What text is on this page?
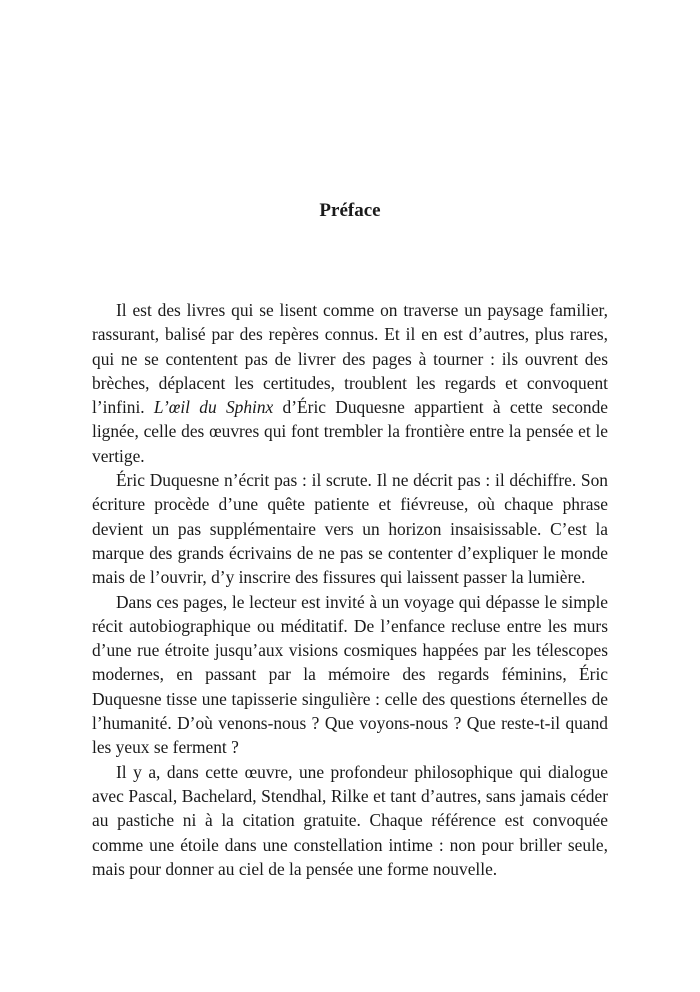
Préface

Il est des livres qui se lisent comme on traverse un paysage familier, rassurant, balisé par des repères connus. Et il en est d’autres, plus rares, qui ne se contentent pas de livrer des pages à tourner : ils ouvrent des brèches, déplacent les certitudes, troublent les regards et convoquent l’infini. L’œil du Sphinx d’Éric Duquesne appartient à cette seconde lignée, celle des œuvres qui font trembler la frontière entre la pensée et le vertige.

Éric Duquesne n’écrit pas : il scrute. Il ne décrit pas : il déchiffre. Son écriture procède d’une quête patiente et fiévreuse, où chaque phrase devient un pas supplémentaire vers un horizon insaisissable. C’est la marque des grands écrivains de ne pas se contenter d’expliquer le monde mais de l’ouvrir, d’y inscrire des fissures qui laissent passer la lumière.

Dans ces pages, le lecteur est invité à un voyage qui dépasse le simple récit autobiographique ou méditatif. De l’enfance recluse entre les murs d’une rue étroite jusqu’aux visions cosmiques happées par les télescopes modernes, en passant par la mémoire des regards féminins, Éric Duquesne tisse une tapisserie singulière : celle des questions éternelles de l’humanité. D’où venons-nous ? Que voyons-nous ? Que reste-t-il quand les yeux se ferment ?

Il y a, dans cette œuvre, une profondeur philosophique qui dialogue avec Pascal, Bachelard, Stendhal, Rilke et tant d’autres, sans jamais céder au pastiche ni à la citation gratuite. Chaque référence est convoquée comme une étoile dans une constellation intime : non pour briller seule, mais pour donner au ciel de la pensée une forme nouvelle.
